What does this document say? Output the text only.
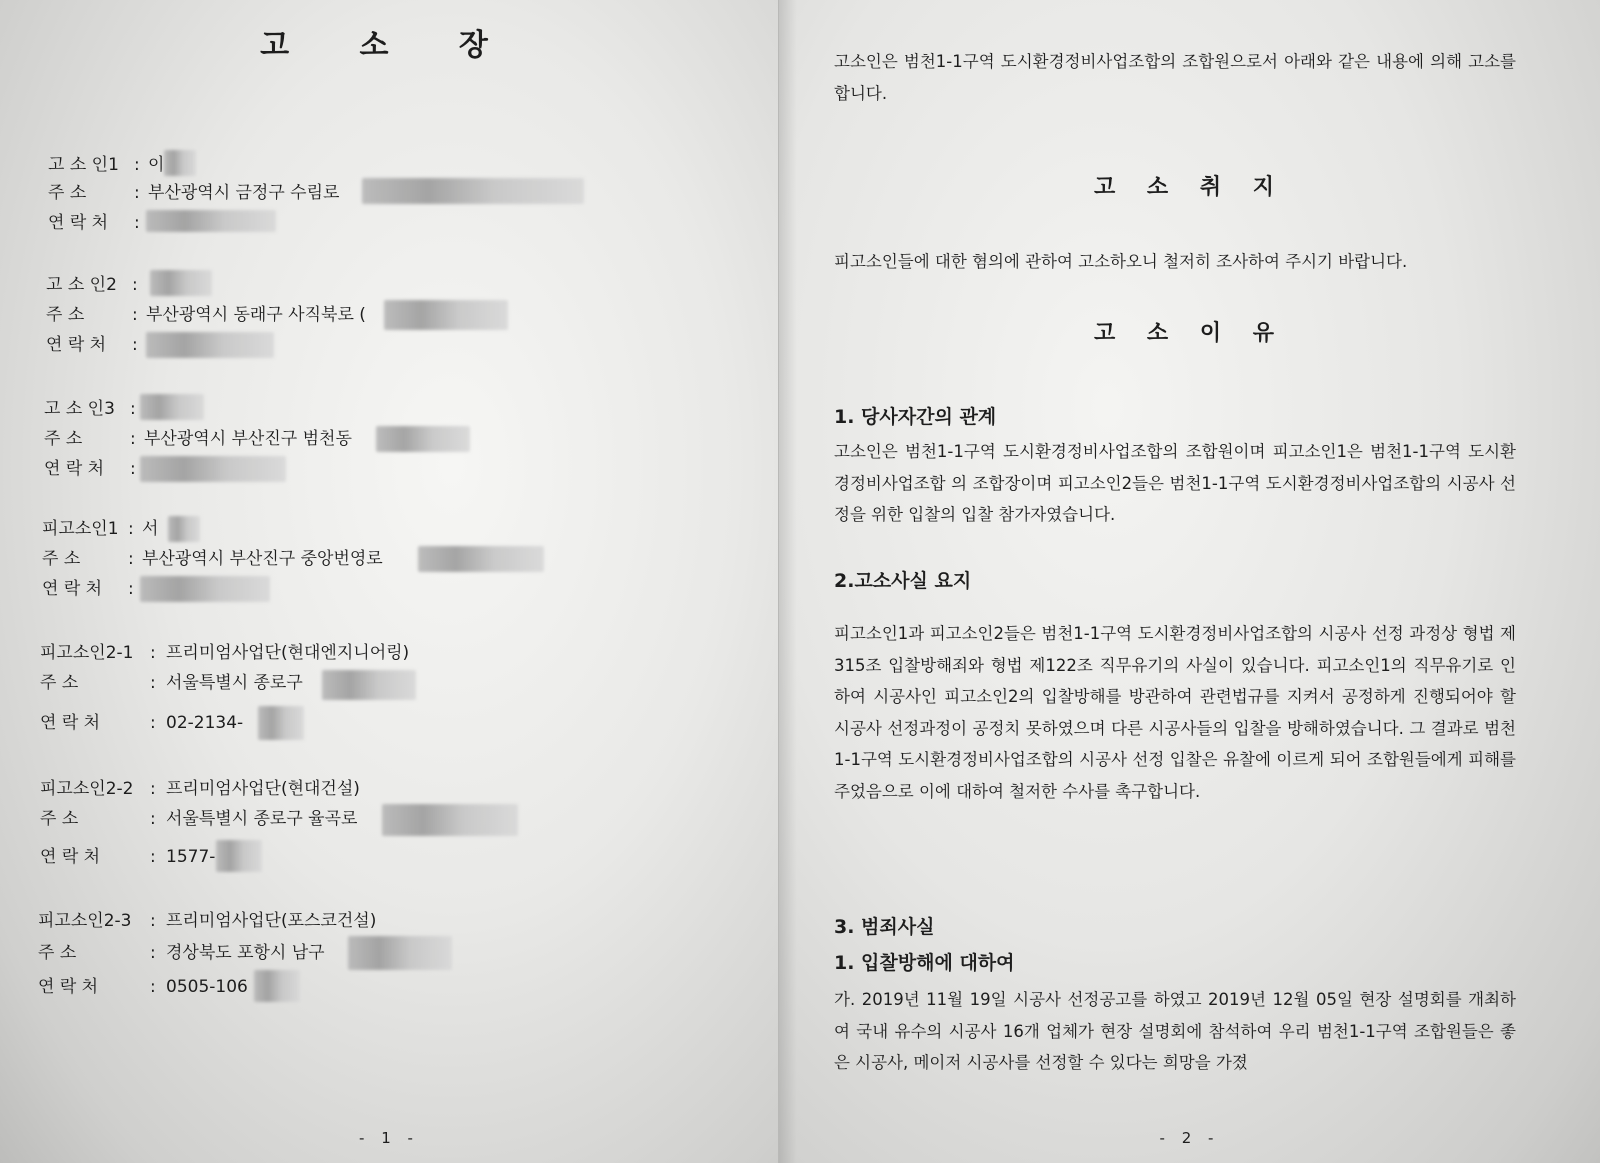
고 소 장
고 소 인1 : 이
주 소	: 부산광역시 금정구 수림로
연 락 처 :
고 소 인2 :
주 소	: 부산광역시 동래구 사직북로 (
연 락 처 :
고 소 인3 :
주 소	: 부산광역시 부산진구 범천동
연 락 처 :
피고소인1 : 서
주 소	: 부산광역시 부산진구 중앙번영로
연 락 처 :
피고소인2-1 : 프리미엄사업단(현대엔지니어링)
주 소	: 서울특별시 종로구
연 락 처	: 02-2134-
피고소인2-2 : 프리미엄사업단(현대건설)
주 소	: 서울특별시 종로구 율곡로
연 락 처	: 1577-
피고소인2-3 : 프리미엄사업단(포스코건설)
주 소	: 경상북도 포항시 남구
연 락 처	: 0505-106
- 1 -

고소인은 범천1-1구역 도시환경정비사업조합의 조합원으로서 아래와 같은 내용에 의해 고소를 합니다.

고 소 취 지

피고소인들에 대한 혐의에 관하여 고소하오니 철저히 조사하여 주시기 바랍니다.

고 소 이 유
1. 당사자간의 관계

고소인은 범천1-1구역 도시환경정비사업조합의 조합원이며 피고소인1은 범천1-1구역 도시환경정비사업조합 의 조합장이며 피고소인2들은 범천1-1구역 도시환경정비사업조합의 시공사 선정을 위한 입찰의 입찰 참가자였습니다.

2.고소사실 요지

피고소인1과 피고소인2들은 범천1-1구역 도시환경정비사업조합의 시공사 선정 과정상 형법 제315조 입찰방해죄와 형법 제122조 직무유기의 사실이 있습니다. 피고소인1의 직무유기로 인하여 시공사인 피고소인2의 입찰방해를 방관하여 관련법규를 지켜서 공정하게 진행되어야 할 시공사 선정과정이 공정치 못하였으며 다른 시공사들의 입찰을 방해하였습니다. 그 결과로 범천1-1구역 도시환경정비사업조합의 시공사 선정 입찰은 유찰에 이르게 되어 조합원들에게 피해를 주었음으로 이에 대하여 철저한 수사를 촉구합니다.

3. 범죄사실
1. 입찰방해에 대하여

가. 2019년 11월 19일 시공사 선정공고를 하였고 2019년 12월 05일 현장 설명회를 개최하여 국내 유수의 시공사 16개 업체가 현장 설명회에 참석하여 우리 범천1-1구역 조합원들은 좋은 시공사, 메이저 시공사를 선정할 수 있다는 희망을 가졌

- 2 -
